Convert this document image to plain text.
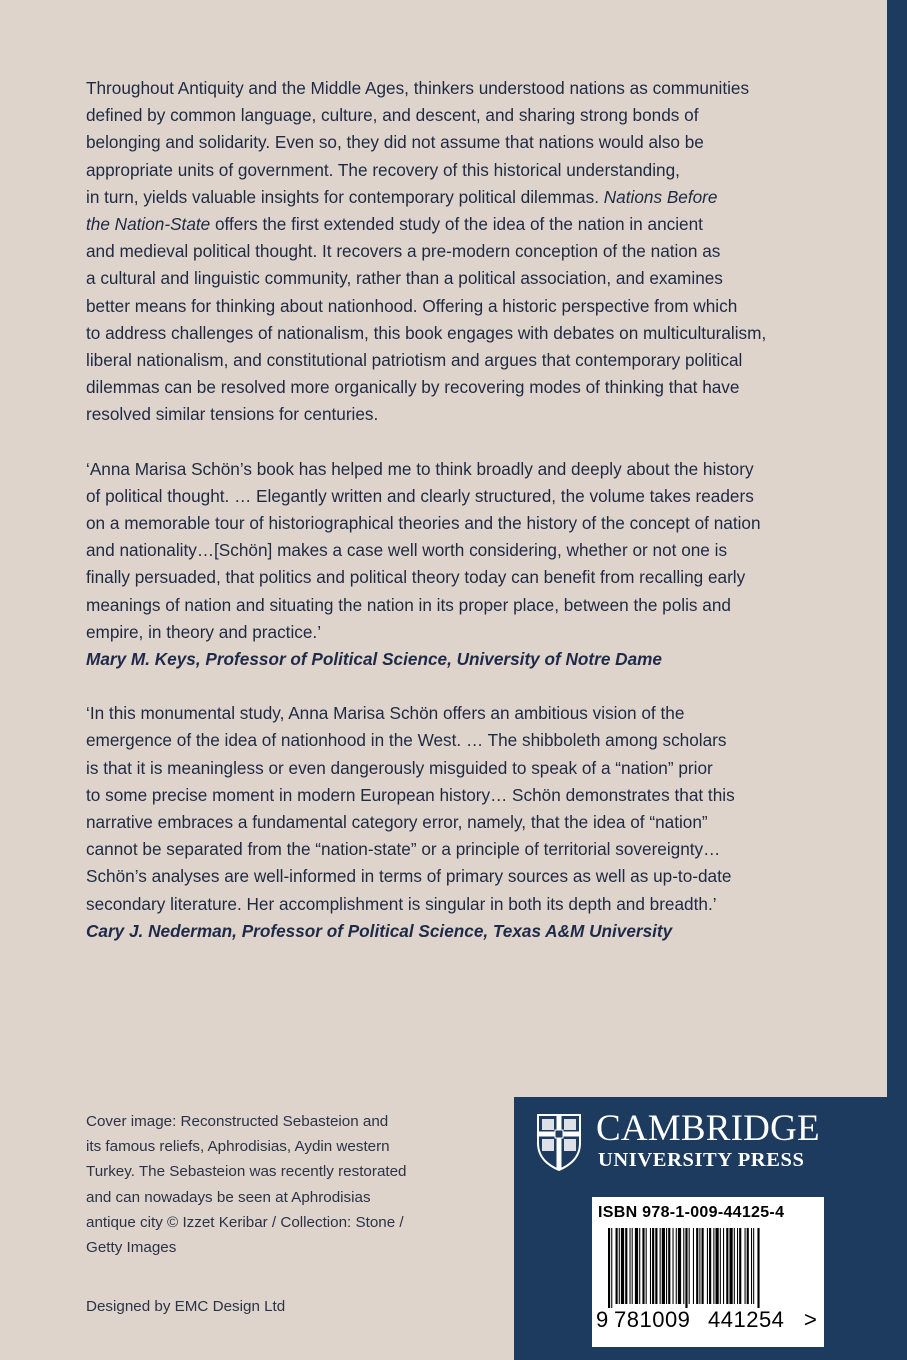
Throughout Antiquity and the Middle Ages, thinkers understood nations as communities
defined by common language, culture, and descent, and sharing strong bonds of
belonging and solidarity. Even so, they did not assume that nations would also be
appropriate units of government. The recovery of this historical understanding,
in turn, yields valuable insights for contemporary political dilemmas. Nations Before
the Nation-State offers the first extended study of the idea of the nation in ancient
and medieval political thought. It recovers a pre-modern conception of the nation as
a cultural and linguistic community, rather than a political association, and examines
better means for thinking about nationhood. Offering a historic perspective from which
to address challenges of nationalism, this book engages with debates on multiculturalism,
liberal nationalism, and constitutional patriotism and argues that contemporary political
dilemmas can be resolved more organically by recovering modes of thinking that have
resolved similar tensions for centuries.
‘Anna Marisa Schön’s book has helped me to think broadly and deeply about the history
of political thought. … Elegantly written and clearly structured, the volume takes readers
on a memorable tour of historiographical theories and the history of the concept of nation
and nationality…[Schön] makes a case well worth considering, whether or not one is
finally persuaded, that politics and political theory today can benefit from recalling early
meanings of nation and situating the nation in its proper place, between the polis and
empire, in theory and practice.’
Mary M. Keys, Professor of Political Science, University of Notre Dame
‘In this monumental study, Anna Marisa Schön offers an ambitious vision of the
emergence of the idea of nationhood in the West. … The shibboleth among scholars
is that it is meaningless or even dangerously misguided to speak of a “nation” prior
to some precise moment in modern European history… Schön demonstrates that this
narrative embraces a fundamental category error, namely, that the idea of “nation”
cannot be separated from the “nation-state” or a principle of territorial sovereignty…
Schön’s analyses are well-informed in terms of primary sources as well as up-to-date
secondary literature. Her accomplishment is singular in both its depth and breadth.’
Cary J. Nederman, Professor of Political Science, Texas A&M University
Cover image: Reconstructed Sebasteion and
its famous reliefs, Aphrodisias, Aydin western
Turkey. The Sebasteion was recently restorated
and can nowadays be seen at Aphrodisias
antique city © Izzet Keribar / Collection: Stone /
Getty Images
Designed by EMC Design Ltd
CAMBRIDGE
UNIVERSITY PRESS
ISBN 978-1-009-44125-4
9 781009 441254 >
